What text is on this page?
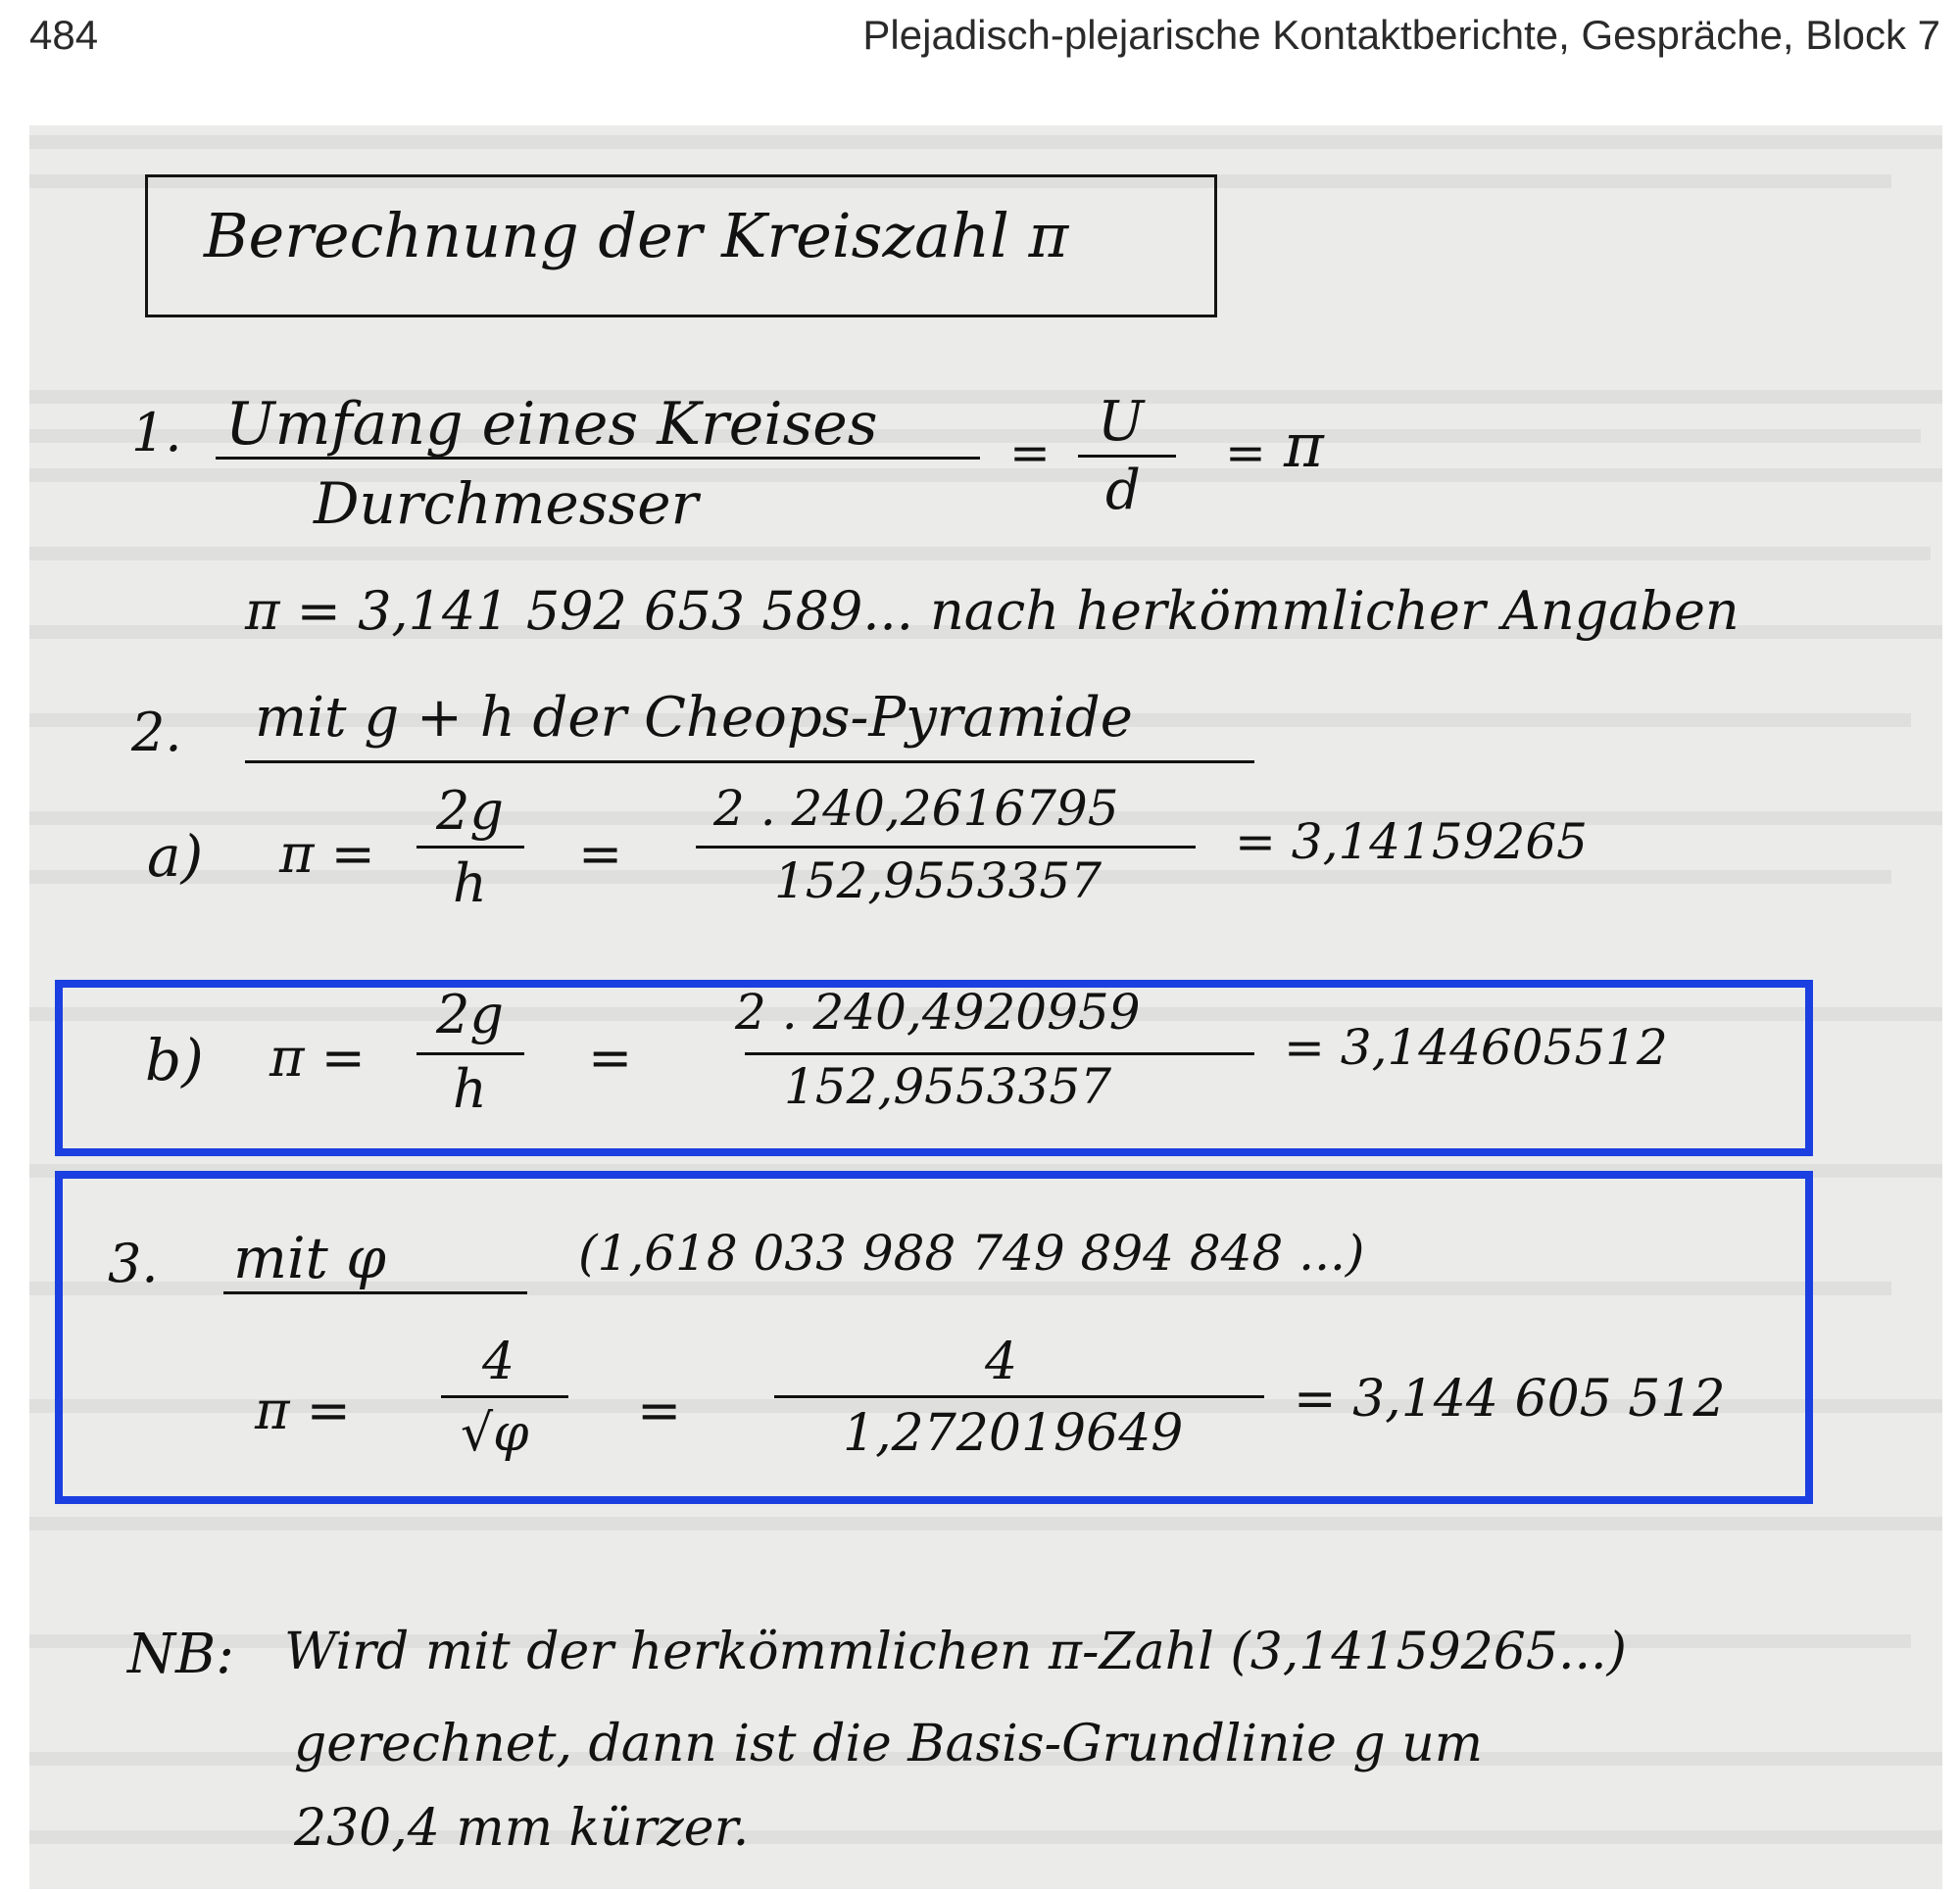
484	Plejadisch-plejarische Kontaktberichte, Gespräche, Block 7
Berechnung der Kreiszahl π
1. Umfang eines Kreises
Durchmesser
= U
d
= π
π = 3,141 592 653 589... nach herkömmlicher Angaben
2. mit g + h der Cheops-Pyramide
a) π =
2g
h =
2 . 240,2616795
152,9553357
= 3,14159265
3. mit φ	(1,618 033 988 749 894 848 ...)
π =
4
√φ =
4
1,272019649
= 3,144 605 512
b) π =
2g
h
=
2 . 240,4920959
152,9553357
= 3,144605512
NB: Wird mit der herkömmlichen π-Zahl (3,14159265...)
gerechnet, dann ist die Basis-Grundlinie g um
230,4 mm kürzer.
